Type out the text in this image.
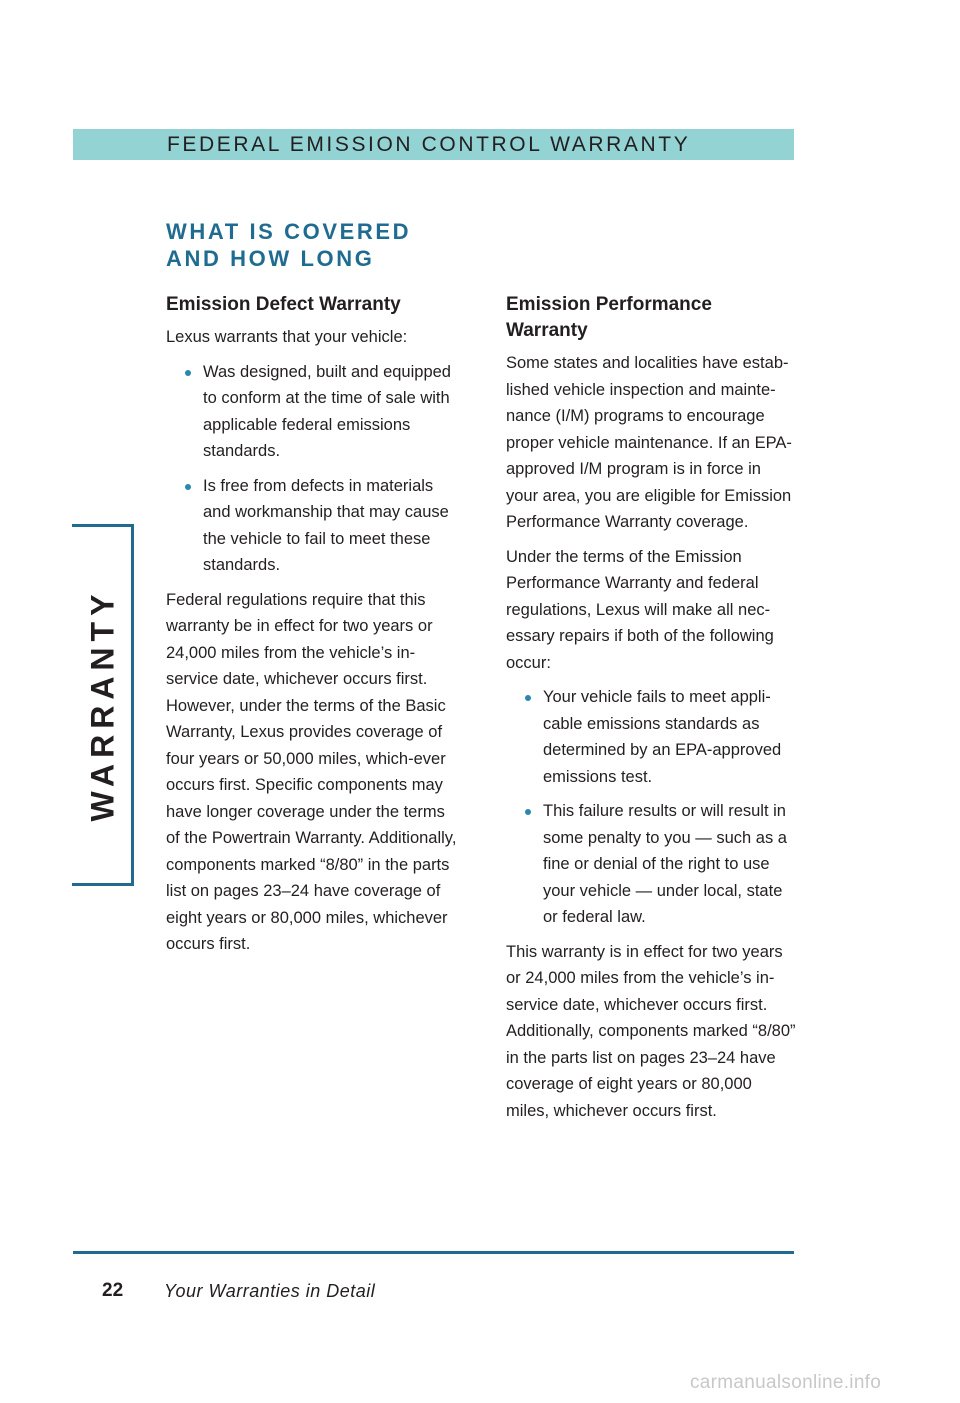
FEDERAL EMISSION CONTROL WARRANTY
WHAT IS COVERED
AND HOW LONG
Emission Defect Warranty

Lexus warrants that your vehicle:

Was designed, built and equipped to conform at the time of sale with applicable federal emissions standards.
Is free from defects in materials and workmanship that may cause the vehicle to fail to meet these standards.

Federal regulations require that this warranty be in effect for two years or 24,000 miles from the vehicle’s in-service date, whichever occurs first. However, under the terms of the Basic Warranty, Lexus provides coverage of four years or 50,000 miles, which-ever occurs first. Specific components may have longer coverage under the terms of the Powertrain Warranty. Additionally, components marked “8/80” in the parts list on pages 23–24 have coverage of eight years or 80,000 miles, whichever occurs first.

Emission Performance Warranty

Some states and localities have estab-lished vehicle inspection and mainte-nance (I/M) programs to encourage proper vehicle maintenance. If an EPA-approved I/M program is in force in your area, you are eligible for Emission Performance Warranty coverage.

Under the terms of the Emission Performance Warranty and federal regulations, Lexus will make all nec-essary repairs if both of the following occur:

Your vehicle fails to meet appli-cable emissions standards as determined by an EPA-approved emissions test.
This failure results or will result in some penalty to you — such as a fine or denial of the right to use your vehicle — under local, state or federal law.

This warranty is in effect for two years or 24,000 miles from the vehicle’s in-service date, whichever occurs first. Additionally, components marked “8/80” in the parts list on pages 23–24 have coverage of eight years or 80,000 miles, whichever occurs first.

WARRANTY
22 Your Warranties in Detail
carmanualsonline.info
